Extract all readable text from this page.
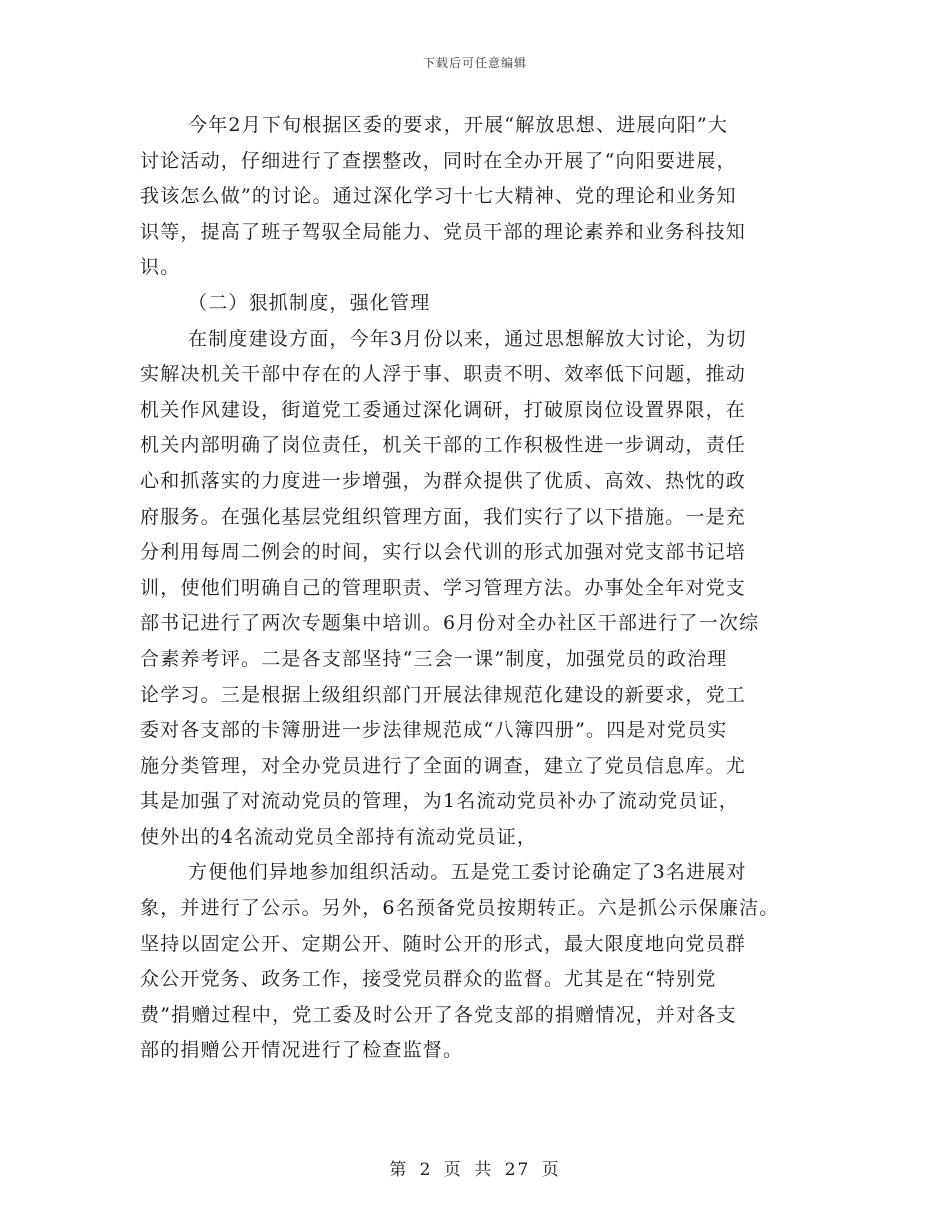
下载后可任意编辑
今年2月下旬根据区委的要求，开展“解放思想、进展向阳”大
讨论活动，仔细进行了查摆整改，同时在全办开展了“向阳要进展，
我该怎么做”的讨论。通过深化学习十七大精神、党的理论和业务知
识等，提高了班子驾驭全局能力、党员干部的理论素养和业务科技知
识。
（二）狠抓制度，强化管理
在制度建设方面，今年3月份以来，通过思想解放大讨论，为切
实解决机关干部中存在的人浮于事、职责不明、效率低下问题，推动
机关作风建设，街道党工委通过深化调研，打破原岗位设置界限，在
机关内部明确了岗位责任，机关干部的工作积极性进一步调动，责任
心和抓落实的力度进一步增强，为群众提供了优质、高效、热忱的政
府服务。在强化基层党组织管理方面，我们实行了以下措施。一是充
分利用每周二例会的时间，实行以会代训的形式加强对党支部书记培
训，使他们明确自己的管理职责、学习管理方法。办事处全年对党支
部书记进行了两次专题集中培训。6月份对全办社区干部进行了一次综
合素养考评。二是各支部坚持“三会一课”制度，加强党员的政治理
论学习。三是根据上级组织部门开展法律规范化建设的新要求，党工
委对各支部的卡簿册进一步法律规范成“八簿四册”。四是对党员实
施分类管理，对全办党员进行了全面的调查，建立了党员信息库。尤
其是加强了对流动党员的管理，为1名流动党员补办了流动党员证，
使外出的4名流动党员全部持有流动党员证，
方便他们异地参加组织活动。五是党工委讨论确定了3名进展对
象，并进行了公示。另外，6名预备党员按期转正。六是抓公示保廉洁。
坚持以固定公开、定期公开、随时公开的形式，最大限度地向党员群
众公开党务、政务工作，接受党员群众的监督。尤其是在“特别党
费”捐赠过程中，党工委及时公开了各党支部的捐赠情况，并对各支
部的捐赠公开情况进行了检查监督。
第 2 页 共 27 页
